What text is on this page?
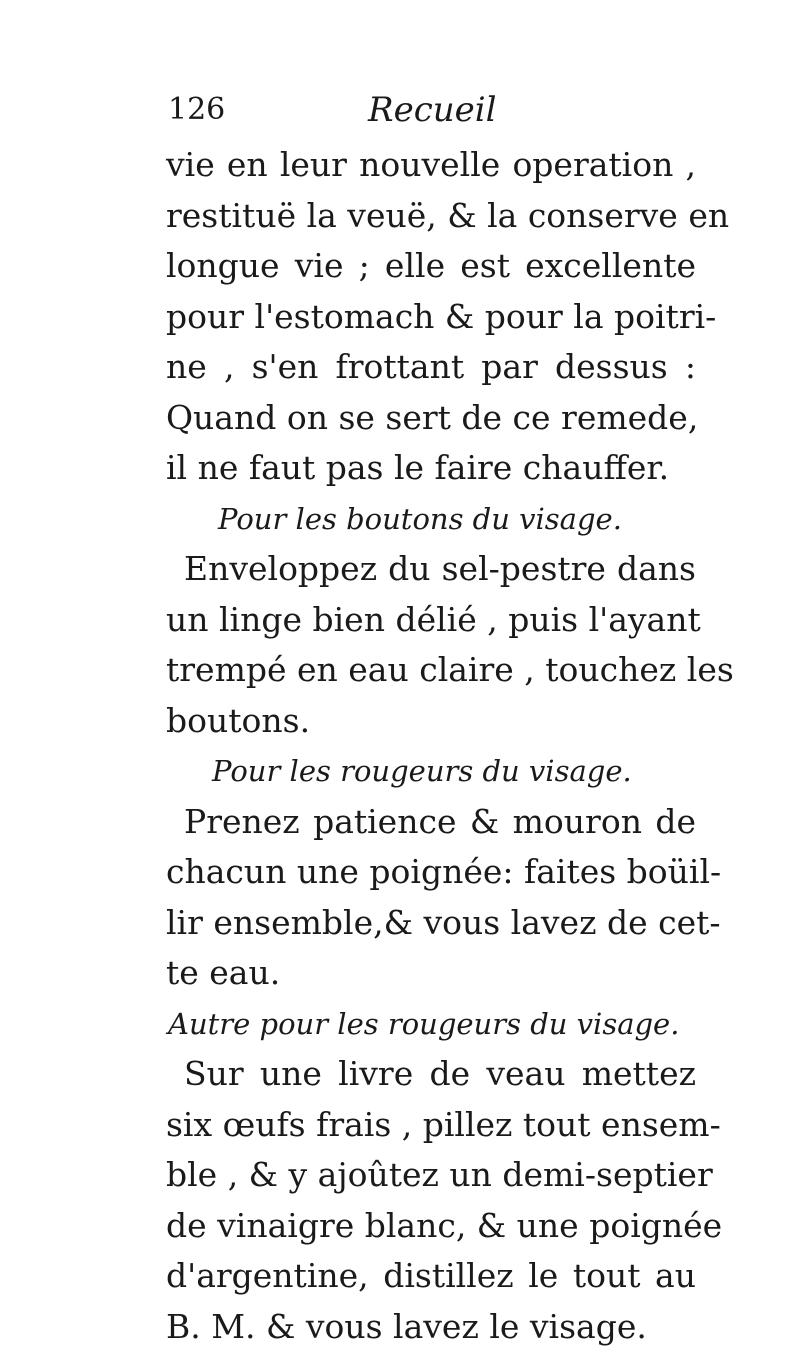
126	Recueil
vie en leur nouvelle operation ,
restituë la veuë, & la conserve en
longue vie ; elle est excellente
pour l'estomach & pour la poitri-
ne , s'en frottant par dessus :
Quand on se sert de ce remede,
il ne faut pas le faire chauffer.
Pour les boutons du visage.
Enveloppez du sel-pestre dans
un linge bien délié , puis l'ayant
trempé en eau claire , touchez les
boutons.
Pour les rougeurs du visage.
Prenez patience & mouron de
chacun une poignée: faites boüil-
lir ensemble,& vous lavez de cet-
te eau.
Autre pour les rougeurs du visage.
Sur une livre de veau mettez
six œufs frais , pillez tout ensem-
ble , & y ajoûtez un demi-septier
de vinaigre blanc, & une poignée
d'argentine, distillez le tout au
B. M. & vous lavez le visage.
